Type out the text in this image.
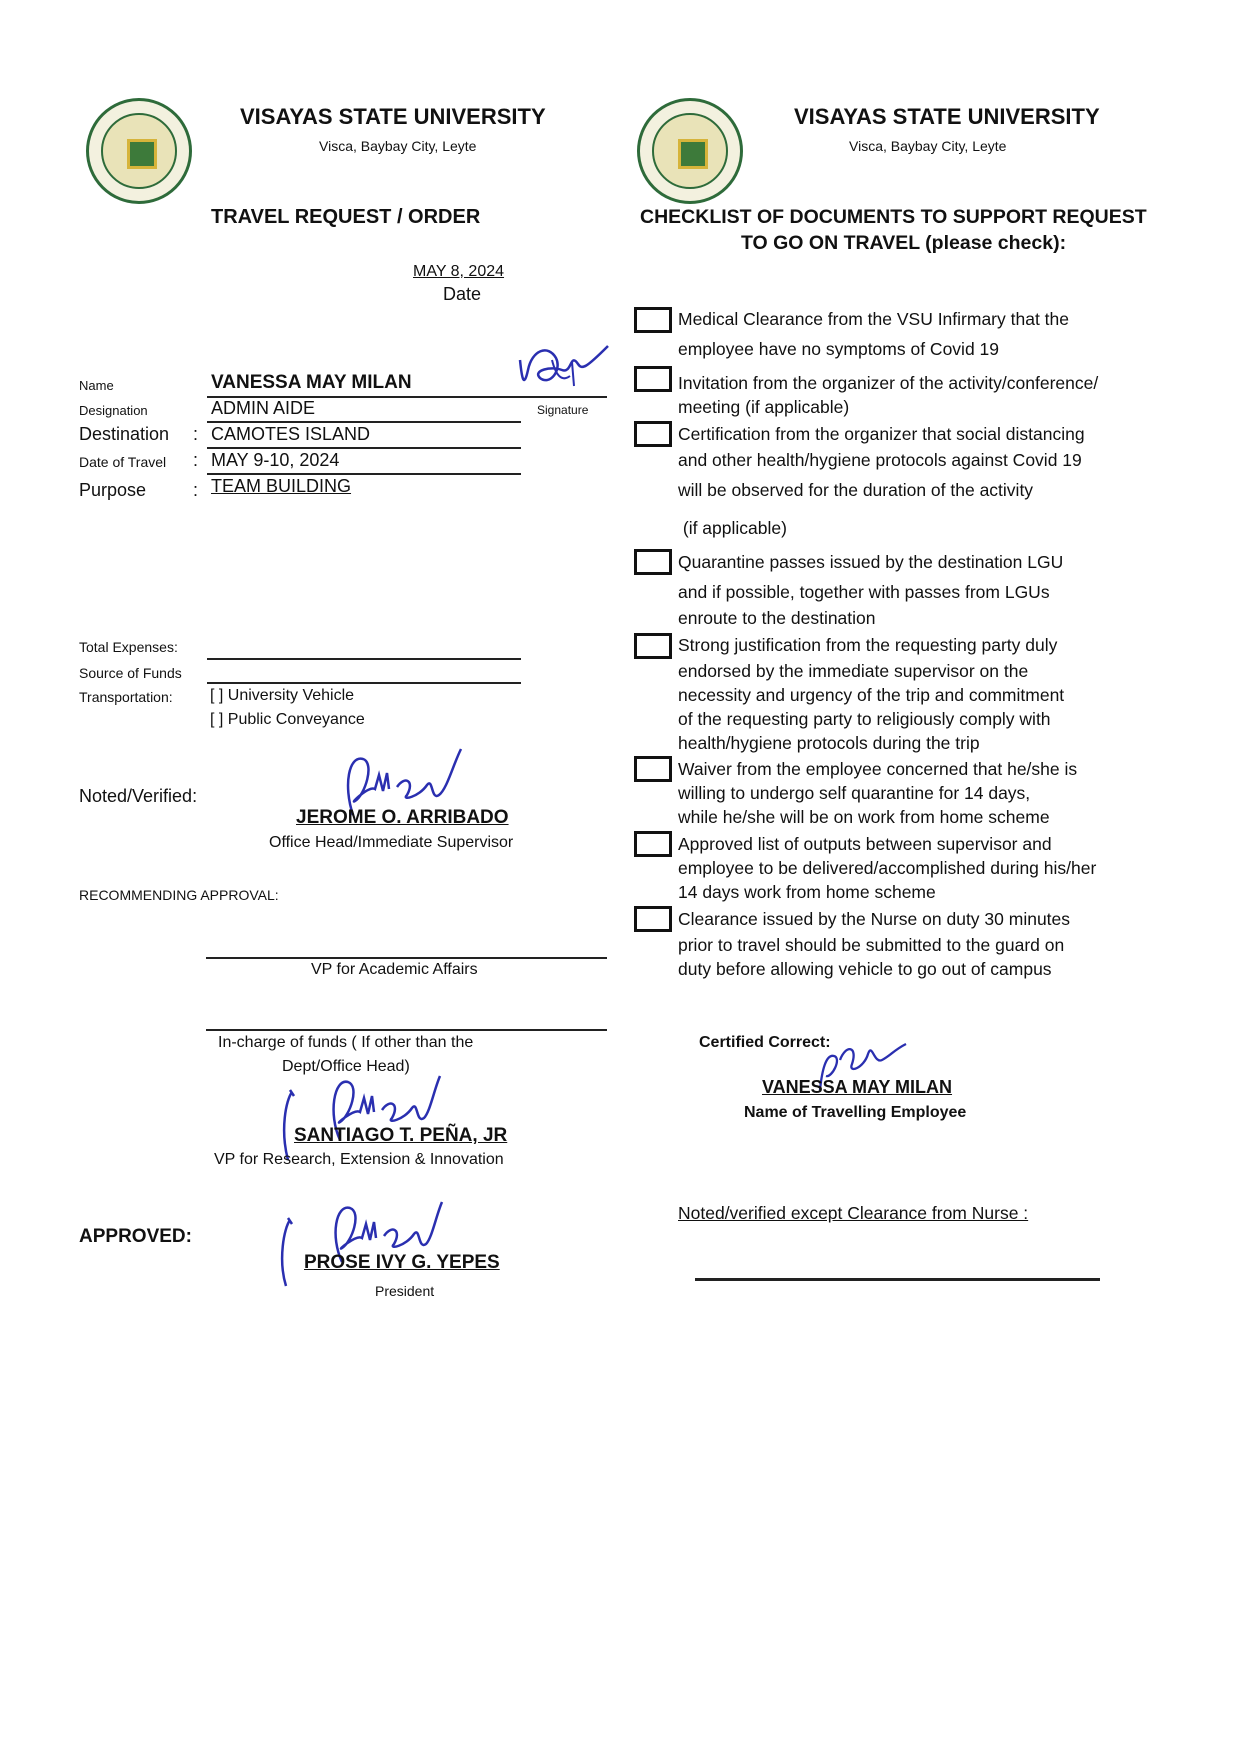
VISAYAS STATE UNIVERSITY
Visca, Baybay City, Leyte
TRAVEL REQUEST / ORDER
MAY 8, 2024
Date
Name	VANESSA MAY MILAN
Signature
Designation	ADMIN AIDE
Destination : CAMOTES ISLAND
Date of Travel : MAY 9-10, 2024
Purpose	: TEAM BUILDING
Total Expenses:
Source of Funds
Transportation: [ ] University Vehicle
[ ] Public Conveyance
Noted/Verified:
JEROME O. ARRIBADO
Office Head/Immediate Supervisor
RECOMMENDING APPROVAL:
VP for Academic Affairs
In-charge of funds ( If other than the
Dept/Office Head)
SANTIAGO T. PEÑA, JR
VP for Research, Extension & Innovation
APPROVED:
PROSE IVY G. YEPES
President
VISAYAS STATE UNIVERSITY
Visca, Baybay City, Leyte
CHECKLIST OF DOCUMENTS TO SUPPORT REQUEST
TO GO ON TRAVEL (please check):
Medical Clearance from the VSU Infirmary that the
employee have no symptoms of Covid 19
Invitation from the organizer of the activity/conference/
meeting (if applicable)
Certification from the organizer that social distancing
and other health/hygiene protocols against Covid 19
will be observed for the duration of the activity
(if applicable)
Quarantine passes issued by the destination LGU
and if possible, together with passes from LGUs
enroute to the destination
Strong justification from the requesting party duly
endorsed by the immediate supervisor on the
necessity and urgency of the trip and commitment
of the requesting party to religiously comply with
health/hygiene protocols during the trip
Waiver from the employee concerned that he/she is
willing to undergo self quarantine for 14 days,
while he/she will be on work from home scheme
Approved list of outputs between supervisor and
employee to be delivered/accomplished during his/her
14 days work from home scheme
Clearance issued by the Nurse on duty 30 minutes
prior to travel should be submitted to the guard on
duty before allowing vehicle to go out of campus
Certified Correct:
VANESSA MAY MILAN
Name of Travelling Employee
Noted/verified except Clearance from Nurse :
